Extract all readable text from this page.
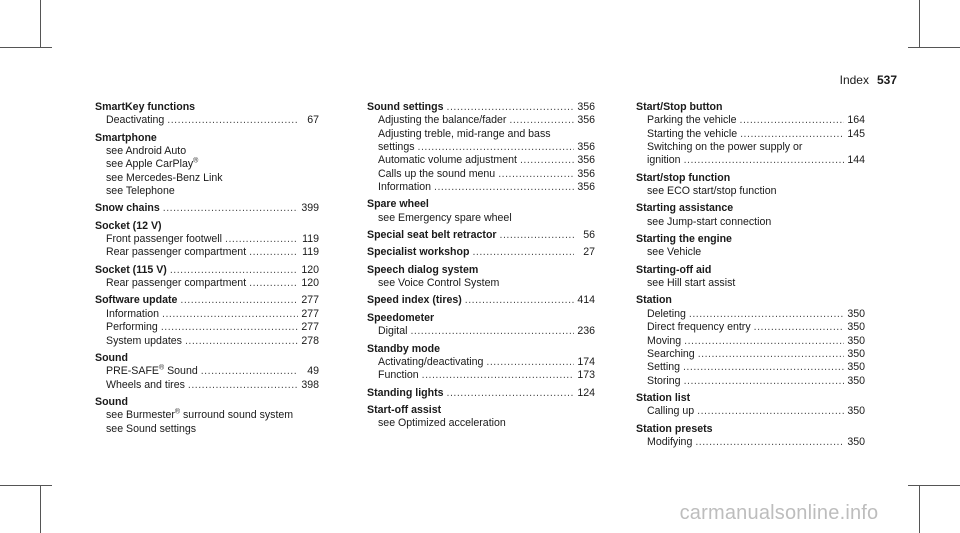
Index 537
SmartKey functions
Deactivating .....	67
Smartphone
see Android Auto
see Apple CarPlay®
see Mercedes-Benz Link
see Telephone
Snow chains .....	399
Socket (12 V)
Front passenger footwell .....	119
Rear passenger compartment .....	119
Socket (115 V) .....	120
Rear passenger compartment .....	120
Software update .....	277
Information .....	277
Performing .....	277
System updates .....	278
Sound
PRE-SAFE® Sound .....	49
Wheels and tires .....	398
Sound
see Burmester® surround sound system
see Sound settings
Sound settings .....	356
Adjusting the balance/fader .....	356
Adjusting treble, mid-range and bass
settings .....	356
Automatic volume adjustment .....	356
Calls up the sound menu .....	356
Information .....	356
Spare wheel
see Emergency spare wheel
Special seat belt retractor .....	56
Specialist workshop .....	27
Speech dialog system
see Voice Control System
Speed index (tires) .....	414
Speedometer
Digital .....	236
Standby mode
Activating/deactivating .....	174
Function .....	173
Standing lights .....	124
Start-off assist
see Optimized acceleration
Start/Stop button
Parking the vehicle .....	164
Starting the vehicle .....	145
Switching on the power supply or
ignition .....	144
Start/stop function
see ECO start/stop function
Starting assistance
see Jump-start connection
Starting the engine
see Vehicle
Starting-off aid
see Hill start assist
Station
Deleting .....	350
Direct frequency entry .....	350
Moving .....	350
Searching .....	350
Setting .....	350
Storing .....	350
Station list
Calling up .....	350
Station presets
Modifying .....	350
carmanualsonline.info
